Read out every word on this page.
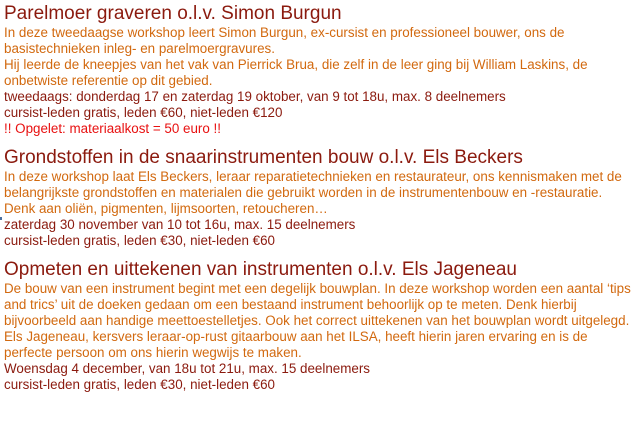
Parelmoer graveren o.l.v. Simon Burgun

In deze tweedaagse workshop leert Simon Burgun, ex-cursist en professioneel bouwer, ons de basistechnieken inleg- en parelmoergravures.

Hij leerde de kneepjes van het vak van Pierrick Brua, die zelf in de leer ging bij William Laskins, de onbetwiste referentie op dit gebied.

tweedaags: donderdag 17 en zaterdag 19 oktober, van 9 tot 18u, max. 8 deelnemers

cursist-leden gratis, leden €60, niet-leden €120

!! Opgelet: materiaalkost = 50 euro !!

Grondstoffen in de snaarinstrumenten bouw o.l.v. Els Beckers

In deze workshop laat Els Beckers, leraar reparatietechnieken en restaurateur, ons kennismaken met de belangrijkste grondstoffen en materialen die gebruikt worden in de instrumentenbouw en -restauratie. Denk aan oliën, pigmenten, lijmsoorten, retoucheren…

zaterdag 30 november van 10 tot 16u, max. 15 deelnemers

cursist-leden gratis, leden €30, niet-leden €60

Opmeten en uittekenen van instrumenten o.l.v. Els Jageneau

De bouw van een instrument begint met een degelijk bouwplan. In deze workshop worden een aantal ‘tips and trics’ uit de doeken gedaan om een bestaand instrument behoorlijk op te meten. Denk hierbij bijvoorbeeld aan handige meettoestelletjes. Ook het correct uittekenen van het bouwplan wordt uitgelegd.

Els Jageneau, kersvers leraar-op-rust gitaarbouw aan het ILSA, heeft hierin jaren ervaring en is de perfecte persoon om ons hierin wegwijs te maken.

Woensdag 4 december, van 18u tot 21u, max. 15 deelnemers

cursist-leden gratis, leden €30, niet-leden €60
